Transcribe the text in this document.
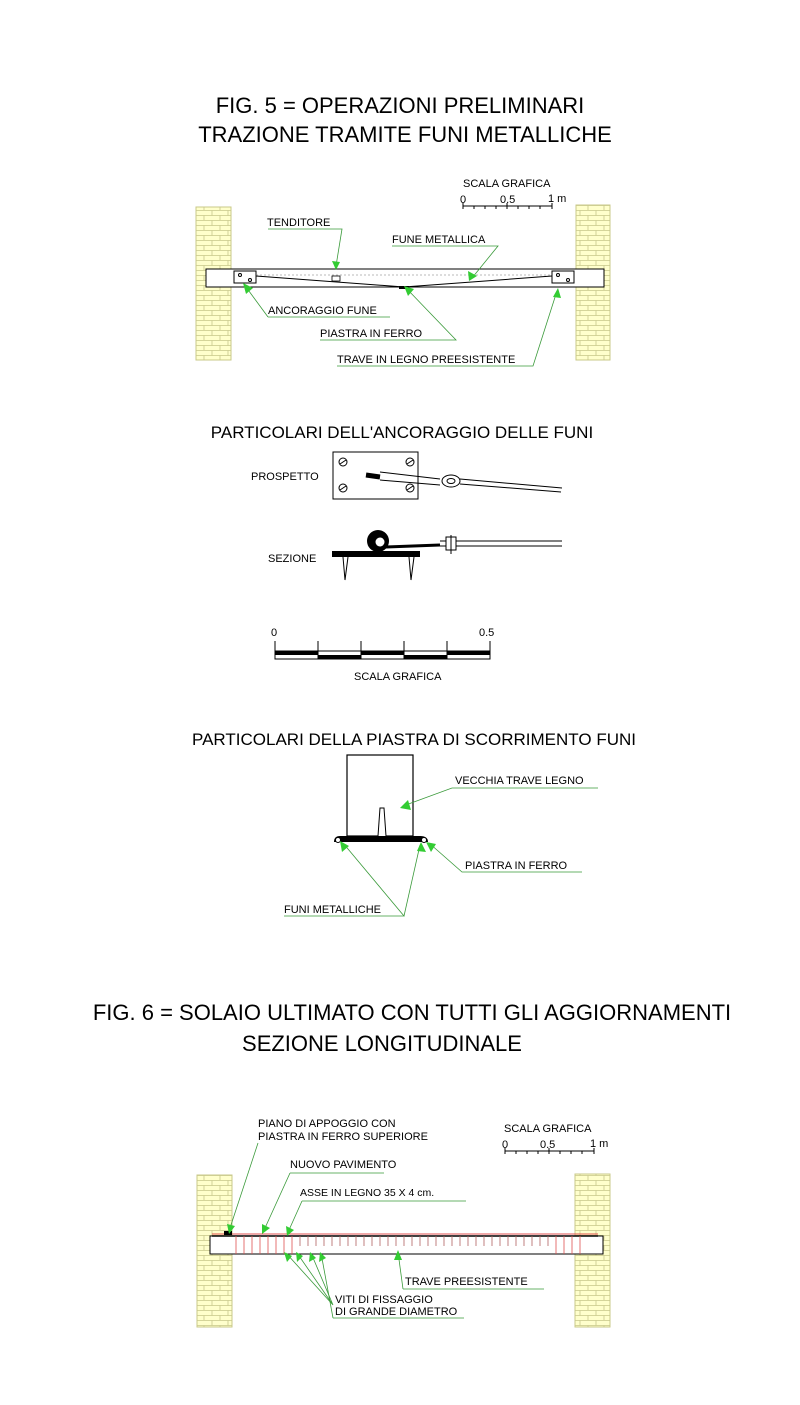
FIG. 5 = OPERAZIONI PRELIMINARI
TRAZIONE TRAMITE FUNI METALLICHE
SCALA GRAFICA
0	0.5	1 m
TENDITORE
FUNE METALLICA
ANCORAGGIO FUNE
PIASTRA IN FERRO
TRAVE IN LEGNO PREESISTENTE
PARTICOLARI DELL'ANCORAGGIO DELLE FUNI
PROSPETTO
SEZIONE
0	0.5
SCALA GRAFICA
PARTICOLARI DELLA PIASTRA DI SCORRIMENTO FUNI
VECCHIA TRAVE LEGNO
PIASTRA IN FERRO
FUNI METALLICHE
FIG. 6 = SOLAIO ULTIMATO CON TUTTI GLI AGGIORNAMENTI
SEZIONE LONGITUDINALE
SCALA GRAFICA
0	0.5	1 m
PIANO DI APPOGGIO CON
PIASTRA IN FERRO SUPERIORE
NUOVO PAVIMENTO
ASSE IN LEGNO 35 X 4 cm.
TRAVE PREESISTENTE
VITI DI FISSAGGIO
DI GRANDE DIAMETRO
